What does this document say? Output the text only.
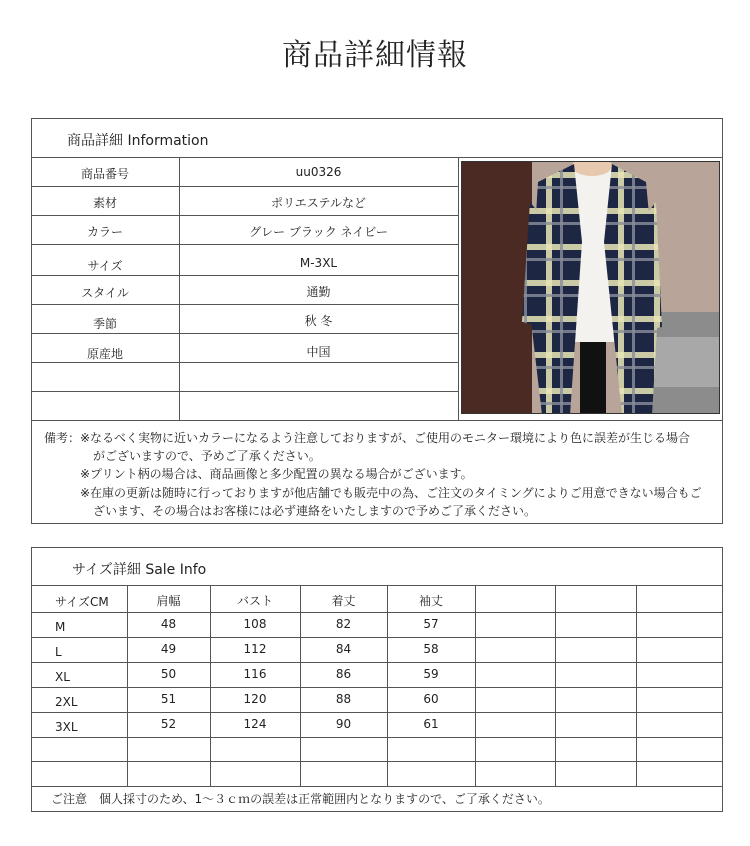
商品詳細情報
商品詳細 Information
商品番号	uu0326
素材	ポリエステルなど
カラー	グレー ブラック ネイビー
サイズ	M-3XL
スタイル	通勤
季節	秋 冬
原産地	中国
備考：※なるべく実物に近いカラーになるよう注意しておりますが、ご使用のモニター環境により色に誤差が生じる場合
がございますので、予めご了承ください。
※プリント柄の場合は、商品画像と多少配置の異なる場合がございます。
※在庫の更新は随時に行っておりますが他店舗でも販売中の為、ご注文のタイミングによりご用意できない場合もご
ざいます、その場合はお客様には必ず連絡をいたしますので予めご了承ください。
サイズ詳細 Sale Info
サイズCM	肩幅	バスト	着丈	袖丈
M	48	108	82	57
L	49	112	84	58
XL	50	116	86	59
2XL	51	120	88	60
3XL	52	124	90	61
ご注意　個人採寸のため、1～３ｃｍの誤差は正常範囲内となりますので、ご了承ください。
